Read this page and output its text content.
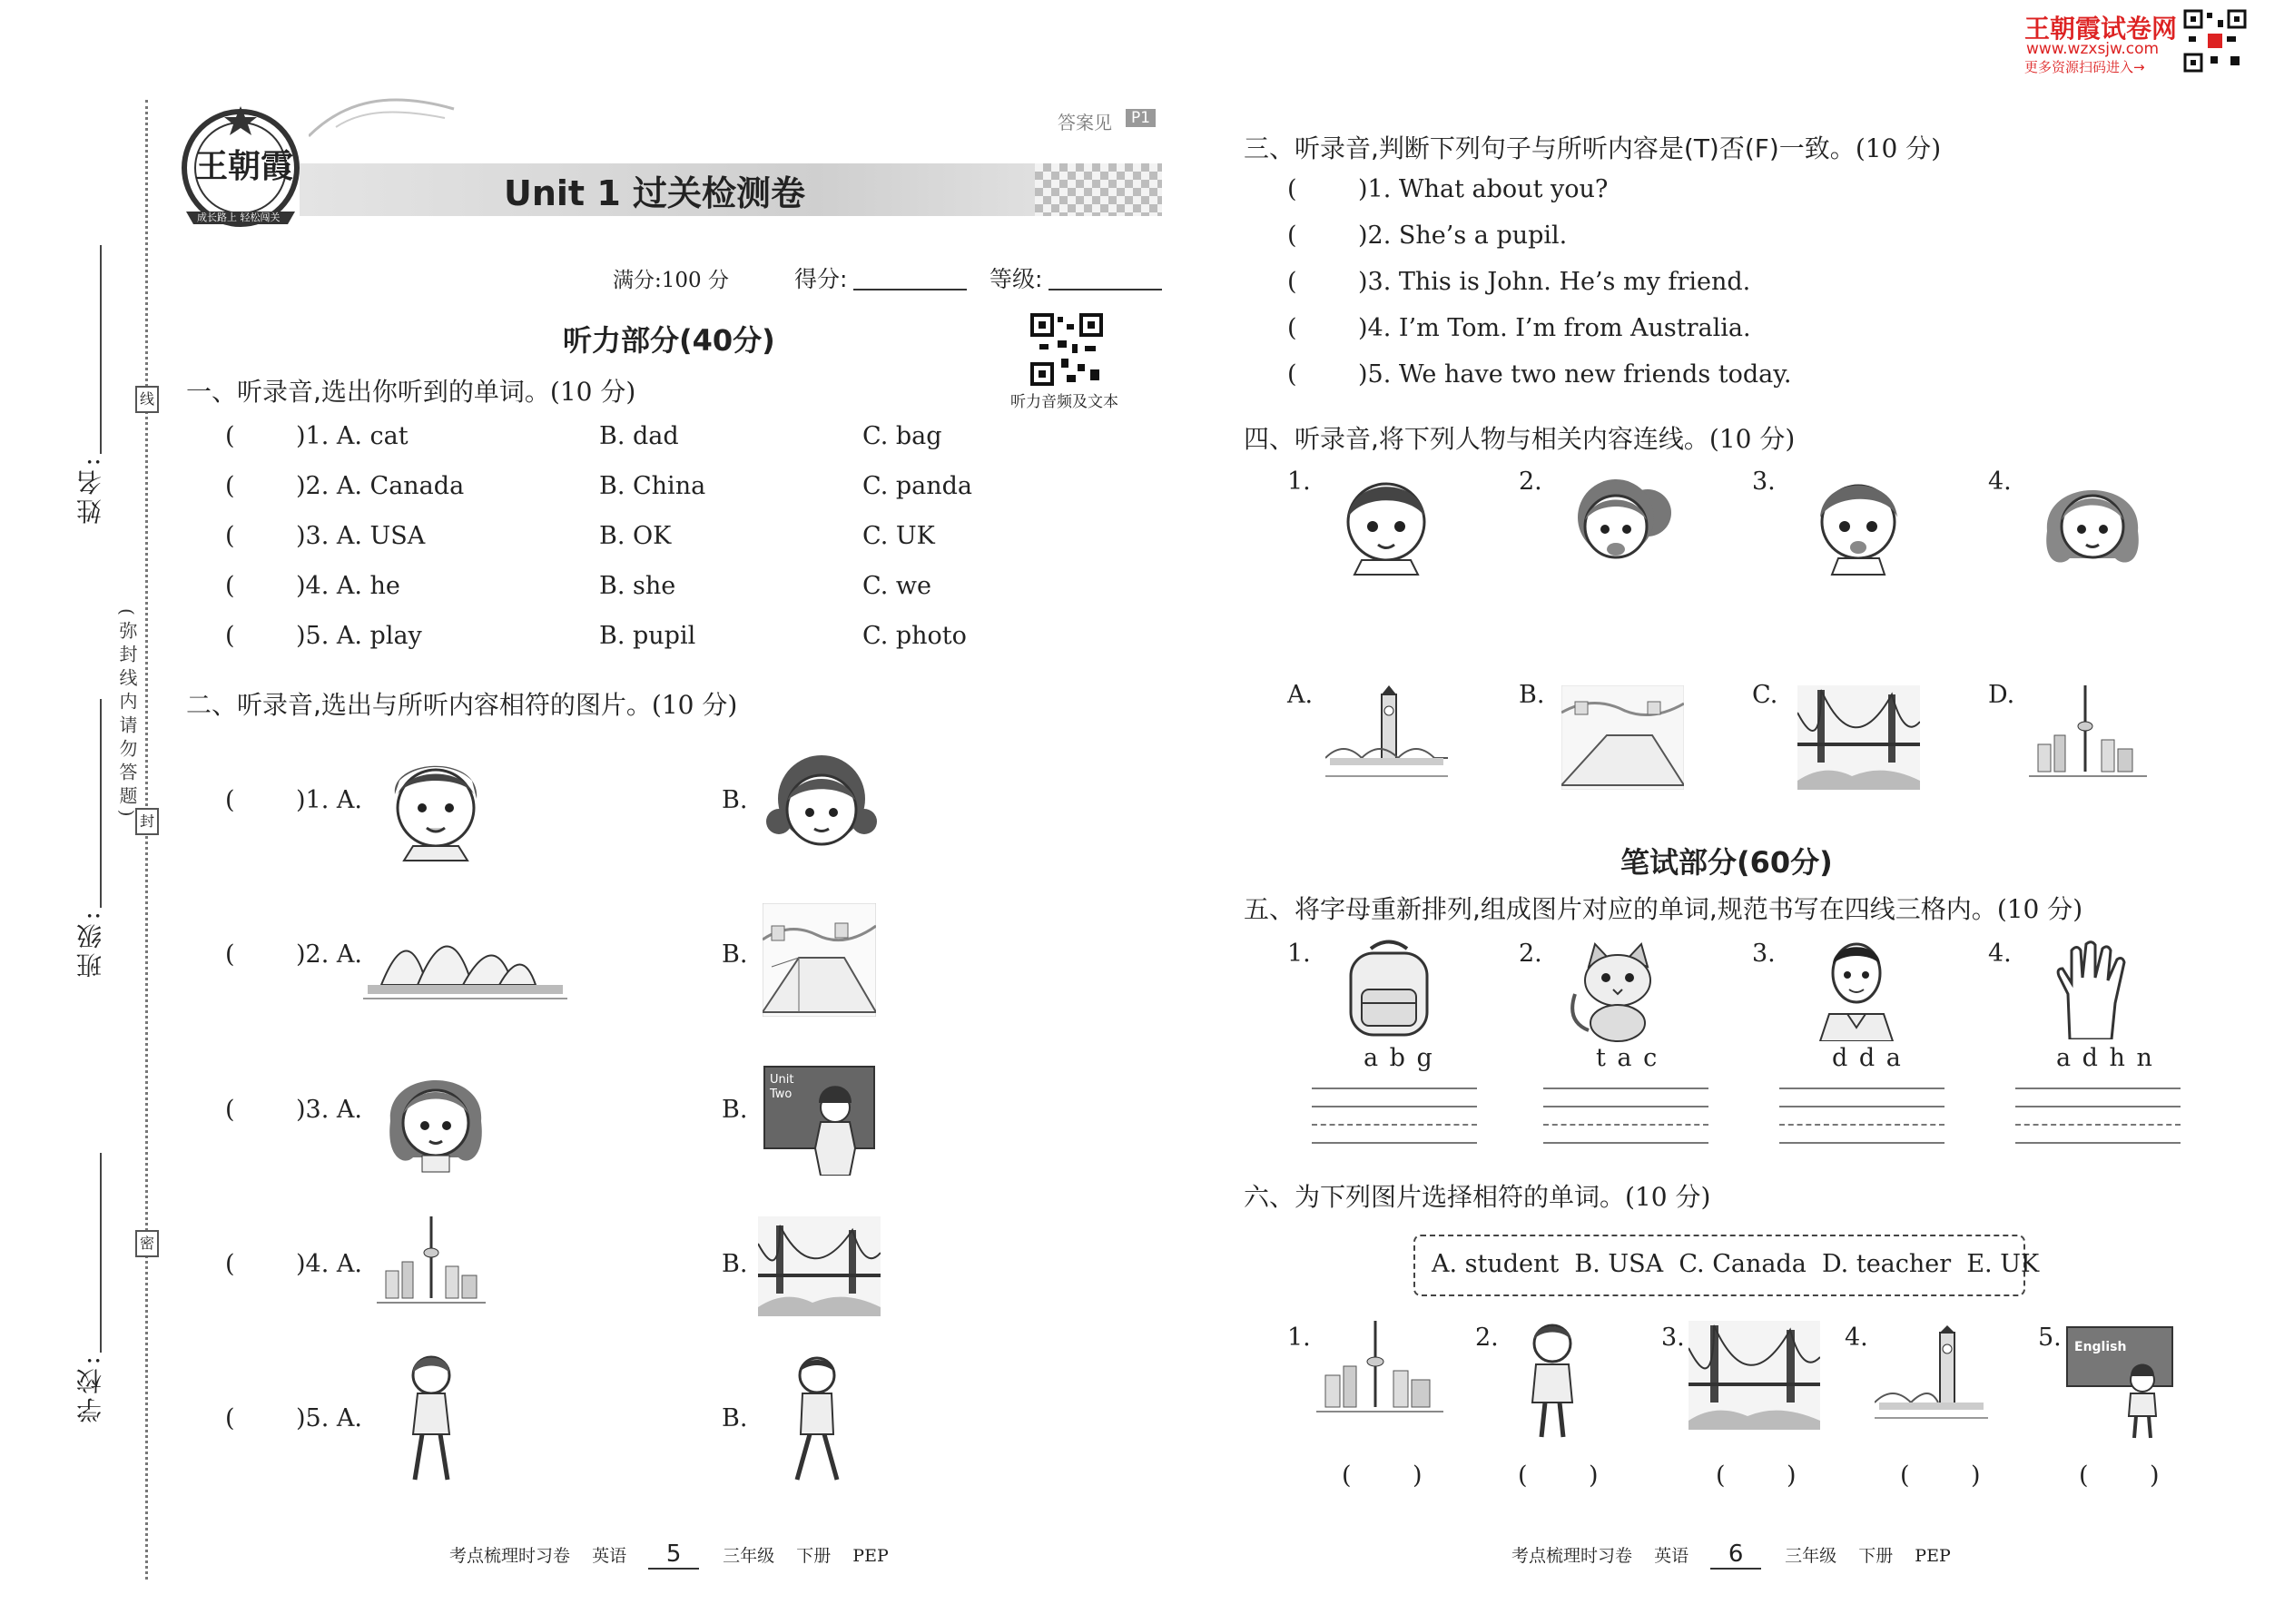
姓名:
班级:
学校:
线
封
密
(弥封线内请勿答题)
王朝霞
成长路上 轻松闯关
Unit 1 过关检测卷
答案见	P1
满分:100 分	得分:	等级:
听力部分(40分)
听力音频及文本
一、听录音,选出你听到的单词。(10 分)
( )1. A. cat	B. dad	C. bag
( )2. A. Canada	B. China	C. panda
( )3. A. USA	B. OK	C. UK
( )4. A. he	B. she	C. we
( )5. A. play	B. pupil	C. photo
二、听录音,选出与所听内容相符的图片。(10 分)
( )1. A.	B.
( )2. A.	B.
( )3. A.	B.
Unit Two
( )4. A.	B.
( )5. A.	B.
考点梳理时习卷 英语 5 三年级 下册 PEP
王朝霞试卷网
www.wzxsjw.com
更多资源扫码进入→
三、听录音,判断下列句子与所听内容是(T)否(F)一致。(10 分)
( )1. What about you?
( )2. She’s a pupil.
( )3. This is John. He’s my friend.
( )4. I’m Tom. I’m from Australia.
( )5. We have two new friends today.
四、听录音,将下列人物与相关内容连线。(10 分)
1.	2.	3.	4.
A.	B.	C.	D.
笔试部分(60分)
五、将字母重新排列,组成图片对应的单词,规范书写在四线三格内。(10 分)
1.
a b g
2.
t a c
3.
d d a
4.
a d h n
六、为下列图片选择相符的单词。(10 分)
A. student  B. USA  C. Canada  D. teacher  E. UK
1.	2.	3.	4.	5. English
( )	( )	( )	( )	( )
考点梳理时习卷 英语 6 三年级 下册 PEP
